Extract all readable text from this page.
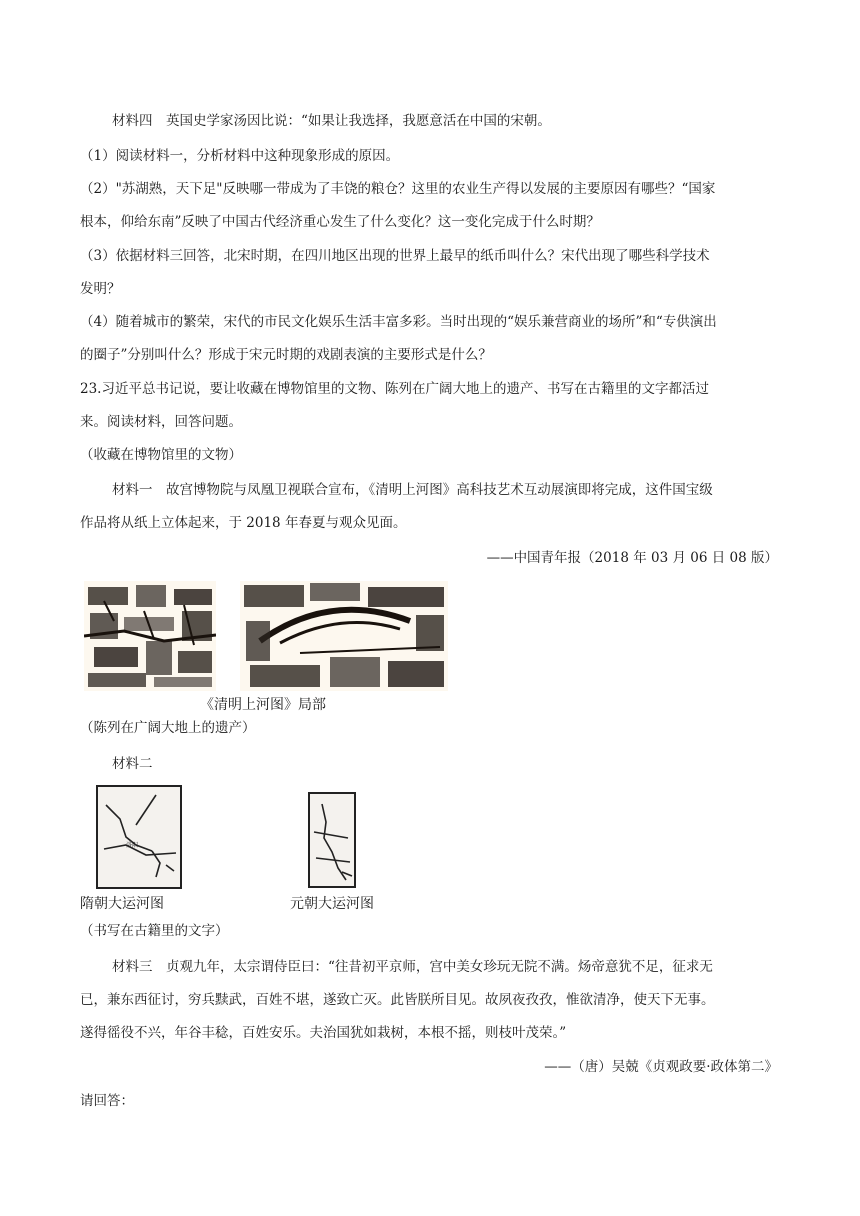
材料四　英国史学家汤因比说：“如果让我选择，我愿意活在中国的宋朝。
（1）阅读材料一，分析材料中这种现象形成的原因。
（2）"苏湖熟，天下足"反映哪一带成为了丰饶的粮仓？这里的农业生产得以发展的主要原因有哪些？“国家
根本，仰给东南”反映了中国古代经济重心发生了什么变化？这一变化完成于什么时期？
（3）依据材料三回答，北宋时期，在四川地区出现的世界上最早的纸币叫什么？宋代出现了哪些科学技术
发明？
（4）随着城市的繁荣，宋代的市民文化娱乐生活丰富多彩。当时出现的“娱乐兼营商业的场所”和“专供演出
的圈子”分别叫什么？形成于宋元时期的戏剧表演的主要形式是什么？
23.习近平总书记说，要让收藏在博物馆里的文物、陈列在广阔大地上的遗产、书写在古籍里的文字都活过
来。阅读材料，回答问题。
（收藏在博物馆里的文物）
材料一　故宫博物院与凤凰卫视联合宣布，《清明上河图》高科技艺术互动展演即将完成，这件国宝级
作品将从纸上立体起来，于 2018 年春夏与观众见面。
——中国青年报（2018 年 03 月 06 日 08 版）
《清明上河图》局部
（陈列在广阔大地上的遗产）
材料二
洛阳
隋朝大运河图	元朝大运河图
（书写在古籍里的文字）
材料三　贞观九年，太宗谓侍臣曰：“往昔初平京师，宫中美女珍玩无院不满。炀帝意犹不足，征求无
已，兼东西征讨，穷兵黩武，百姓不堪，遂致亡灭。此皆朕所目见。故夙夜孜孜，惟欲清净，使天下无事。
遂得徭役不兴，年谷丰稔，百姓安乐。夫治国犹如栽树，本根不摇，则枝叶茂荣。”
——（唐）吴兢《贞观政要·政体第二》
请回答：
